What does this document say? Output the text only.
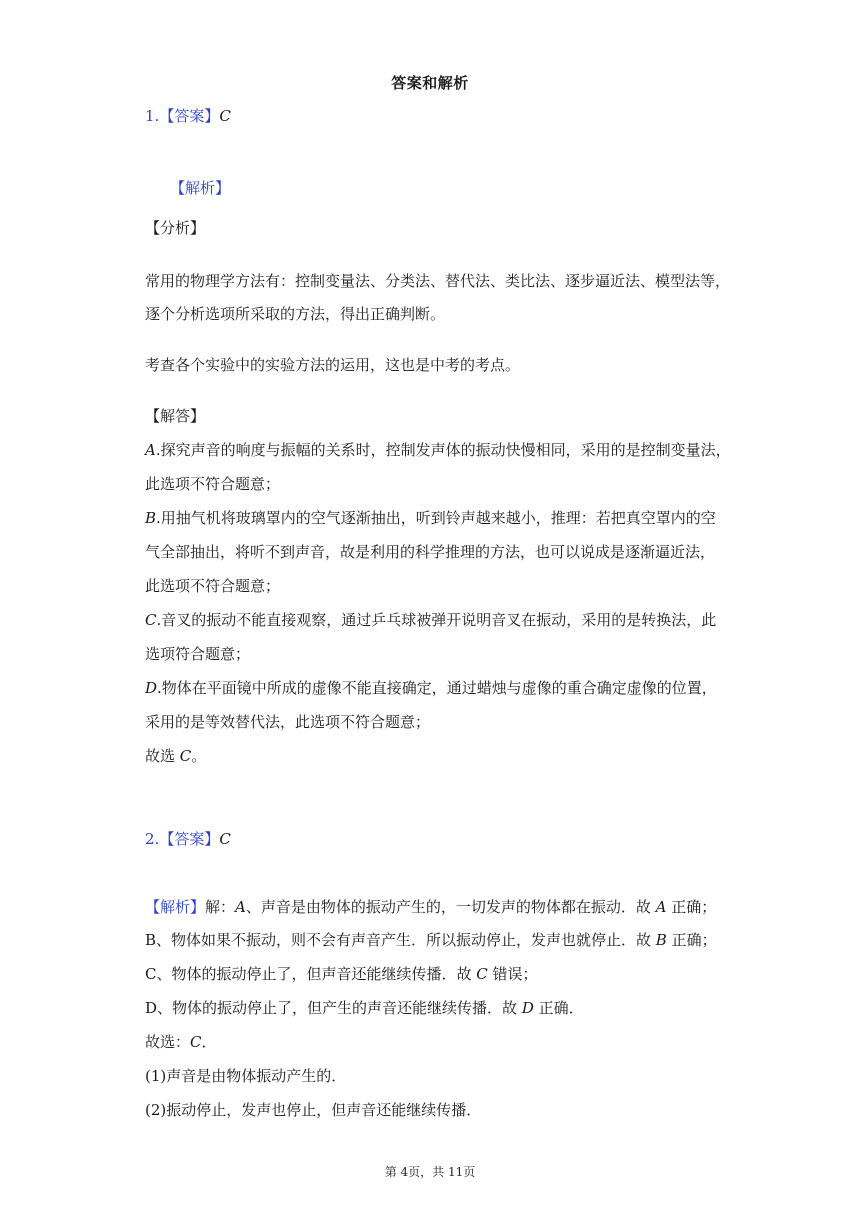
答案和解析
1.【答案】C
【解析】
【分析】
常用的物理学方法有：控制变量法、分类法、替代法、类比法、逐步逼近法、模型法等，
逐个分析选项所采取的方法，得出正确判断。
考查各个实验中的实验方法的运用，这也是中考的考点。
【解答】
A.探究声音的响度与振幅的关系时，控制发声体的振动快慢相同，采用的是控制变量法，
此选项不符合题意；
B.用抽气机将玻璃罩内的空气逐渐抽出，听到铃声越来越小，推理：若把真空罩内的空
气全部抽出，将听不到声音，故是利用的科学推理的方法，也可以说成是逐渐逼近法，
此选项不符合题意；
C.音叉的振动不能直接观察，通过乒乓球被弹开说明音叉在振动，采用的是转换法，此
选项符合题意；
D.物体在平面镜中所成的虚像不能直接确定，通过蜡烛与虚像的重合确定虚像的位置，
采用的是等效替代法，此选项不符合题意；
故选 C。
2.【答案】C
【解析】解：A、声音是由物体的振动产生的，一切发声的物体都在振动．故 A 正确；
B、物体如果不振动，则不会有声音产生．所以振动停止，发声也就停止．故 B 正确；
C、物体的振动停止了，但声音还能继续传播．故 C 错误；
D、物体的振动停止了，但产生的声音还能继续传播．故 D 正确．
故选：C．
(1)声音是由物体振动产生的．
(2)振动停止，发声也停止，但声音还能继续传播．
第 4页，共 11页
